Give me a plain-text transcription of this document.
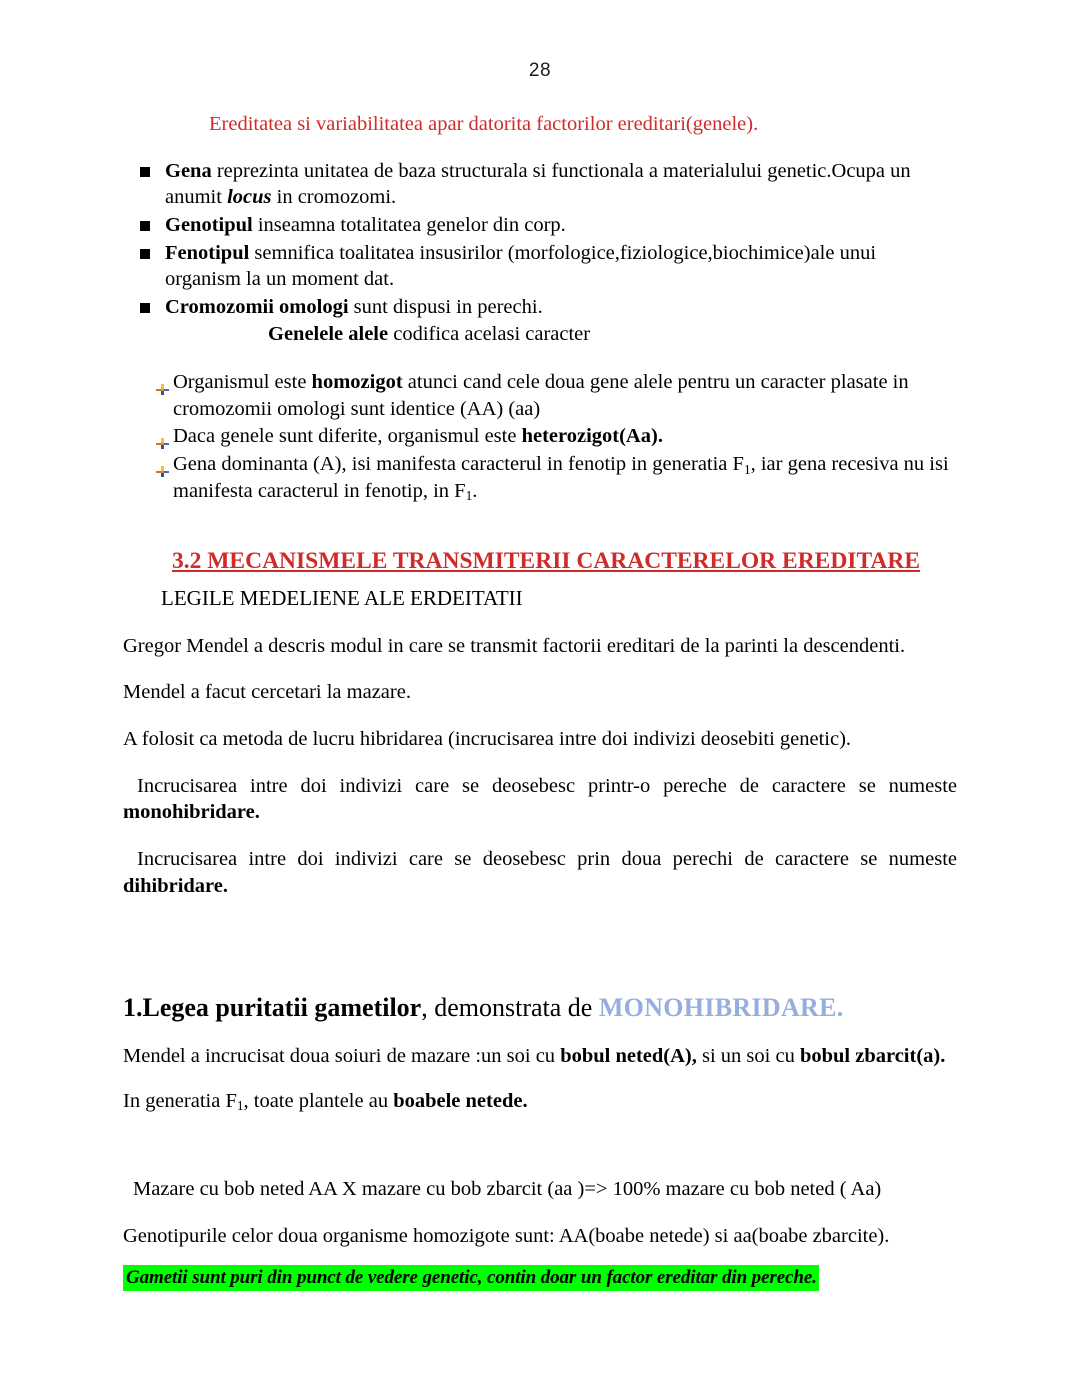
28
Ereditatea si variabilitatea apar datorita factorilor ereditari(genele).
Gena reprezinta unitatea de baza structurala si functionala a materialului genetic.Ocupa un anumit locus in cromozomi.
Genotipul inseamna totalitatea genelor din corp.
Fenotipul semnifica toalitatea insusirilor (morfologice,fiziologice,biochimice)ale unui organism la un moment dat.
Cromozomii omologi sunt dispusi in perechi.
Genelele alele codifica acelasi caracter
Organismul este homozigot atunci cand cele doua gene alele pentru un caracter plasate in cromozomii omologi sunt identice (AA) (aa)
Daca genele sunt diferite, organismul este heterozigot(Aa).
Gena dominanta (A), isi manifesta caracterul in fenotip in generatia $F_1$, iar gena recesiva nu isi manifesta caracterul in fenotip, in $F_1$.
3.2 MECANISMELE TRANSMITERII CARACTERELOR EREDITARE
LEGILE MEDELIENE ALE ERDEITATII

Gregor Mendel a descris modul in care se transmit factorii ereditari de la parinti la descendenti.

Mendel a facut cercetari la mazare.

A folosit ca metoda de lucru hibridarea (incrucisarea intre doi indivizi deosebiti genetic).

Incrucisarea intre doi indivizi care se deosebesc printr-o pereche de caractere se numeste monohibridare.

Incrucisarea intre doi indivizi care se deosebesc prin doua perechi de caractere se numeste dihibridare.

1.Legea puritatii gametilor, demonstrata de MONOHIBRIDARE.

Mendel a incrucisat doua soiuri de mazare :un soi cu bobul neted(A), si un soi cu bobul zbarcit(a).

In generatia $F_1$, toate plantele au boabele netede.

Mazare cu bob neted AA X mazare cu bob zbarcit (aa )=> 100% mazare cu bob neted ( Aa)
Genotipurile celor doua organisme homozigote sunt: AA(boabe netede) si aa(boabe zbarcite).
Gametii sunt puri din punct de vedere genetic, contin doar un factor ereditar din pereche.
